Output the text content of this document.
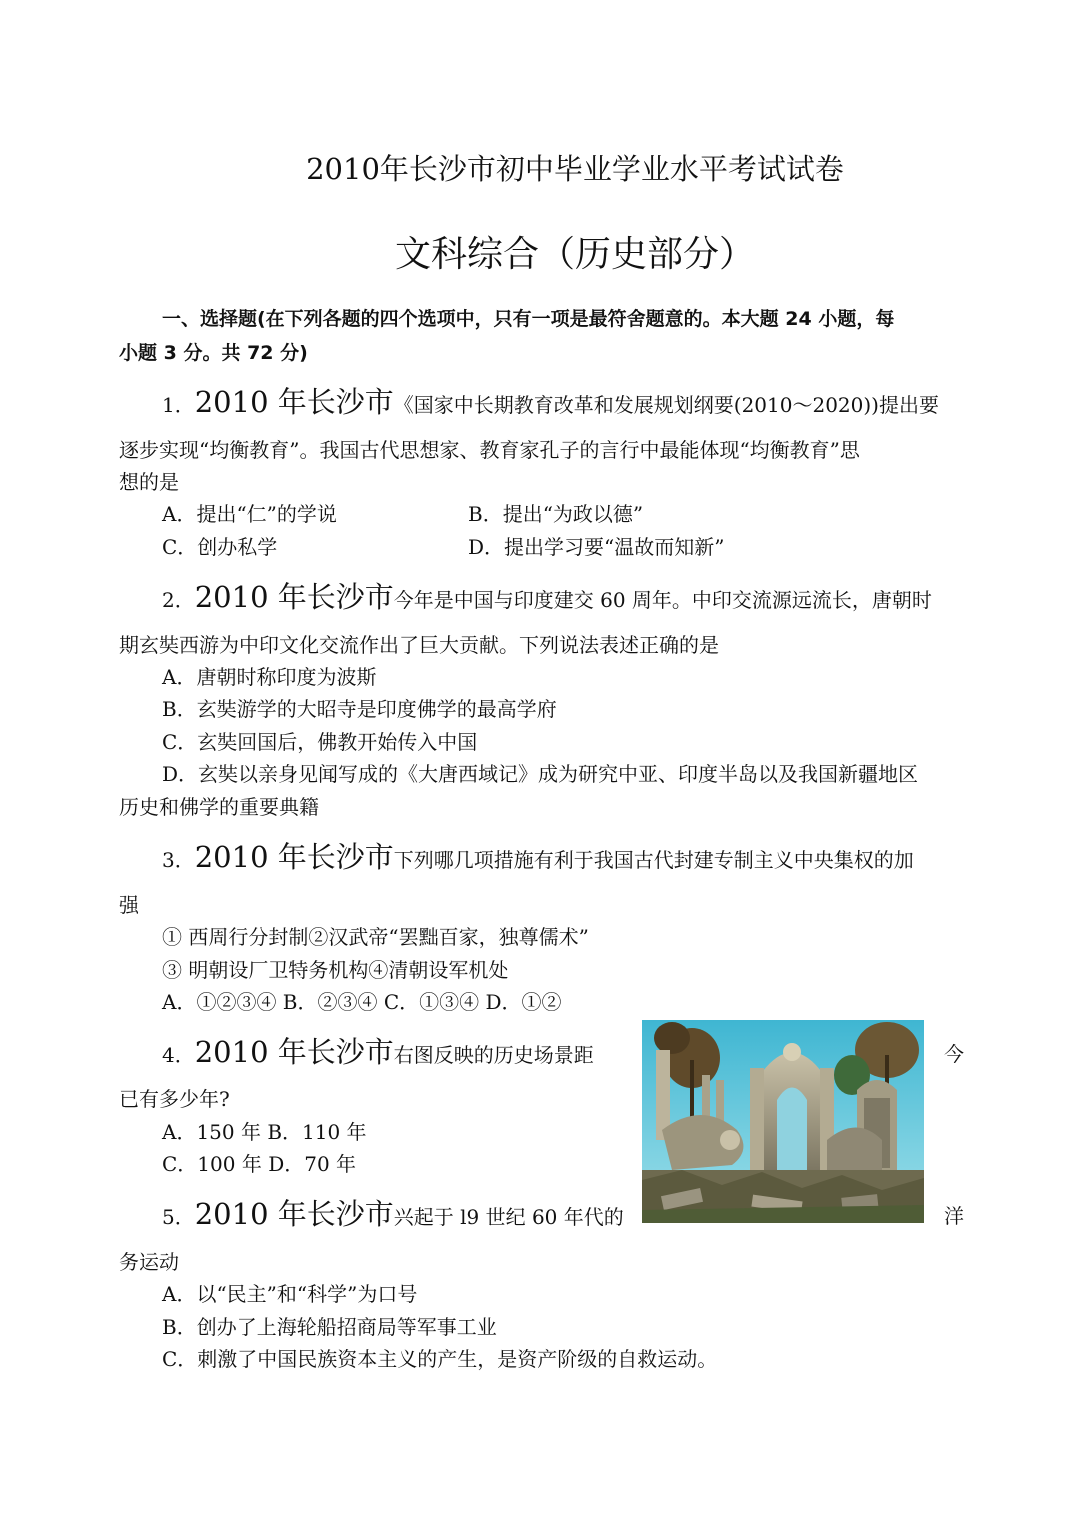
2010年长沙市初中毕业学业水平考试试卷
文科综合（历史部分）
一、选择题(在下列各题的四个选项中，只有一项是最符舍题意的。本大题 24 小题，每
小题 3 分。共 72 分)
1．2010 年长沙市《国家中长期教育改革和发展规划纲要(2010～2020))提出要
逐步实现“均衡教育”。我国古代思想家、教育家孔子的言行中最能体现“均衡教育”思
想的是
A．提出“仁”的学说	B．提出“为政以德”
C．创办私学	D．提出学习要“温故而知新”
2．2010 年长沙市今年是中国与印度建交 60 周年。中印交流源远流长，唐朝时
期玄奘西游为中印文化交流作出了巨大贡献。下列说法表述正确的是
A．唐朝时称印度为波斯
B．玄奘游学的大昭寺是印度佛学的最高学府
C．玄奘回国后，佛教开始传入中国
D．玄奘以亲身见闻写成的《大唐西域记》成为研究中亚、印度半岛以及我国新疆地区
历史和佛学的重要典籍
3．2010 年长沙市下列哪几项措施有利于我国古代封建专制主义中央集权的加
强
① 西周行分封制②汉武帝“罢黜百家，独尊儒术”
③ 明朝设厂卫特务机构④清朝设军机处
A．①②③④ B．②③④ C．①③④ D．①②
4．2010 年长沙市右图反映的历史场景距	今
已有多少年?
A．150 年 B．110 年
C．100 年 D．70 年
5．2010 年长沙市兴起于 l9 世纪 60 年代的	洋
务运动
A．以“民主”和“科学”为口号
B．创办了上海轮船招商局等军事工业
C．刺激了中国民族资本主义的产生，是资产阶级的自救运动。
